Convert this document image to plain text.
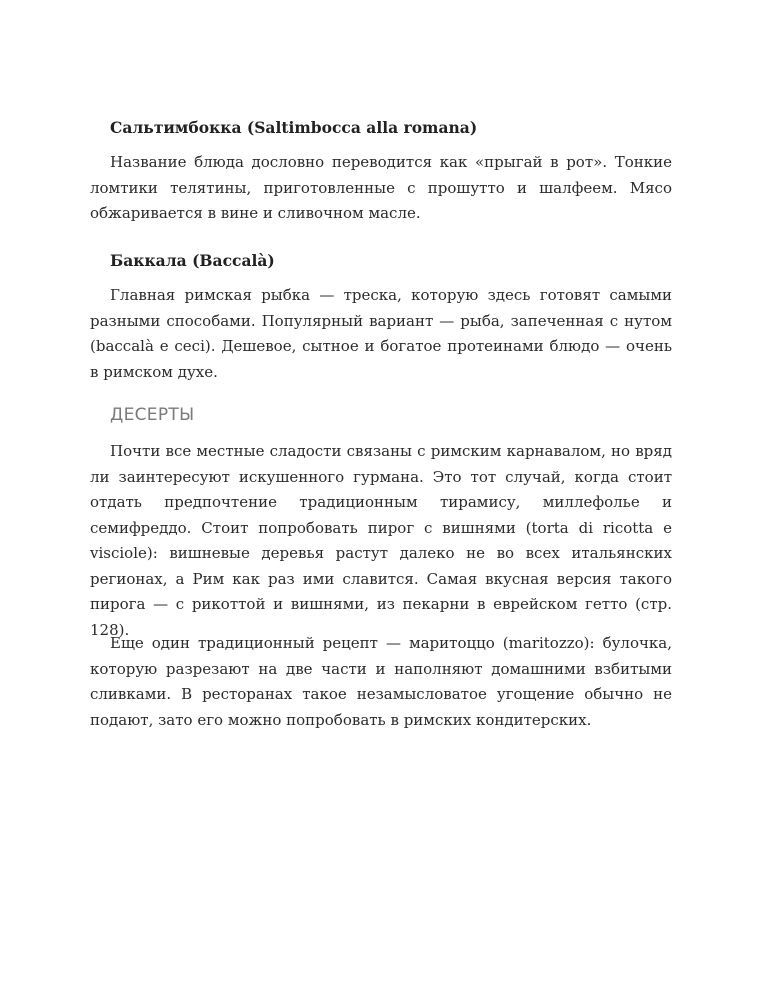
Сальтимбокка (Saltimbocca alla romana)

Название блюда дословно переводится как «прыгай в рот». Тонкие ломтики телятины, приготовленные с прошутто и шалфеем. Мясо обжаривается в вине и сливочном масле.

Баккала (Baccalà)

Главная римская рыбка — треска, которую здесь готовят самыми разными способами. Популярный вариант — рыба, запеченная с нутом (baccalà e ceci). Дешевое, сытное и богатое протеинами блюдо — очень в римском духе.

ДЕСЕРТЫ

Почти все местные сладости связаны с римским карнавалом, но вряд ли заинтересуют искушенного гурмана. Это тот случай, когда стоит отдать предпочтение традиционным тирамису, миллефолье и семифреддо. Стоит попробовать пирог с вишнями (torta di ricotta e visciole): вишневые деревья растут далеко не во всех итальянских регионах, а Рим как раз ими славится. Самая вкусная версия такого пирога — с рикоттой и вишнями, из пекарни в еврейском гетто (стр. 128).

Еще один традиционный рецепт — маритоццо (maritozzo): булочка, которую разрезают на две части и наполняют домашними взбитыми сливками. В ресторанах такое незамысловатое угощение обычно не подают, зато его можно попробовать в римских кондитерских.
